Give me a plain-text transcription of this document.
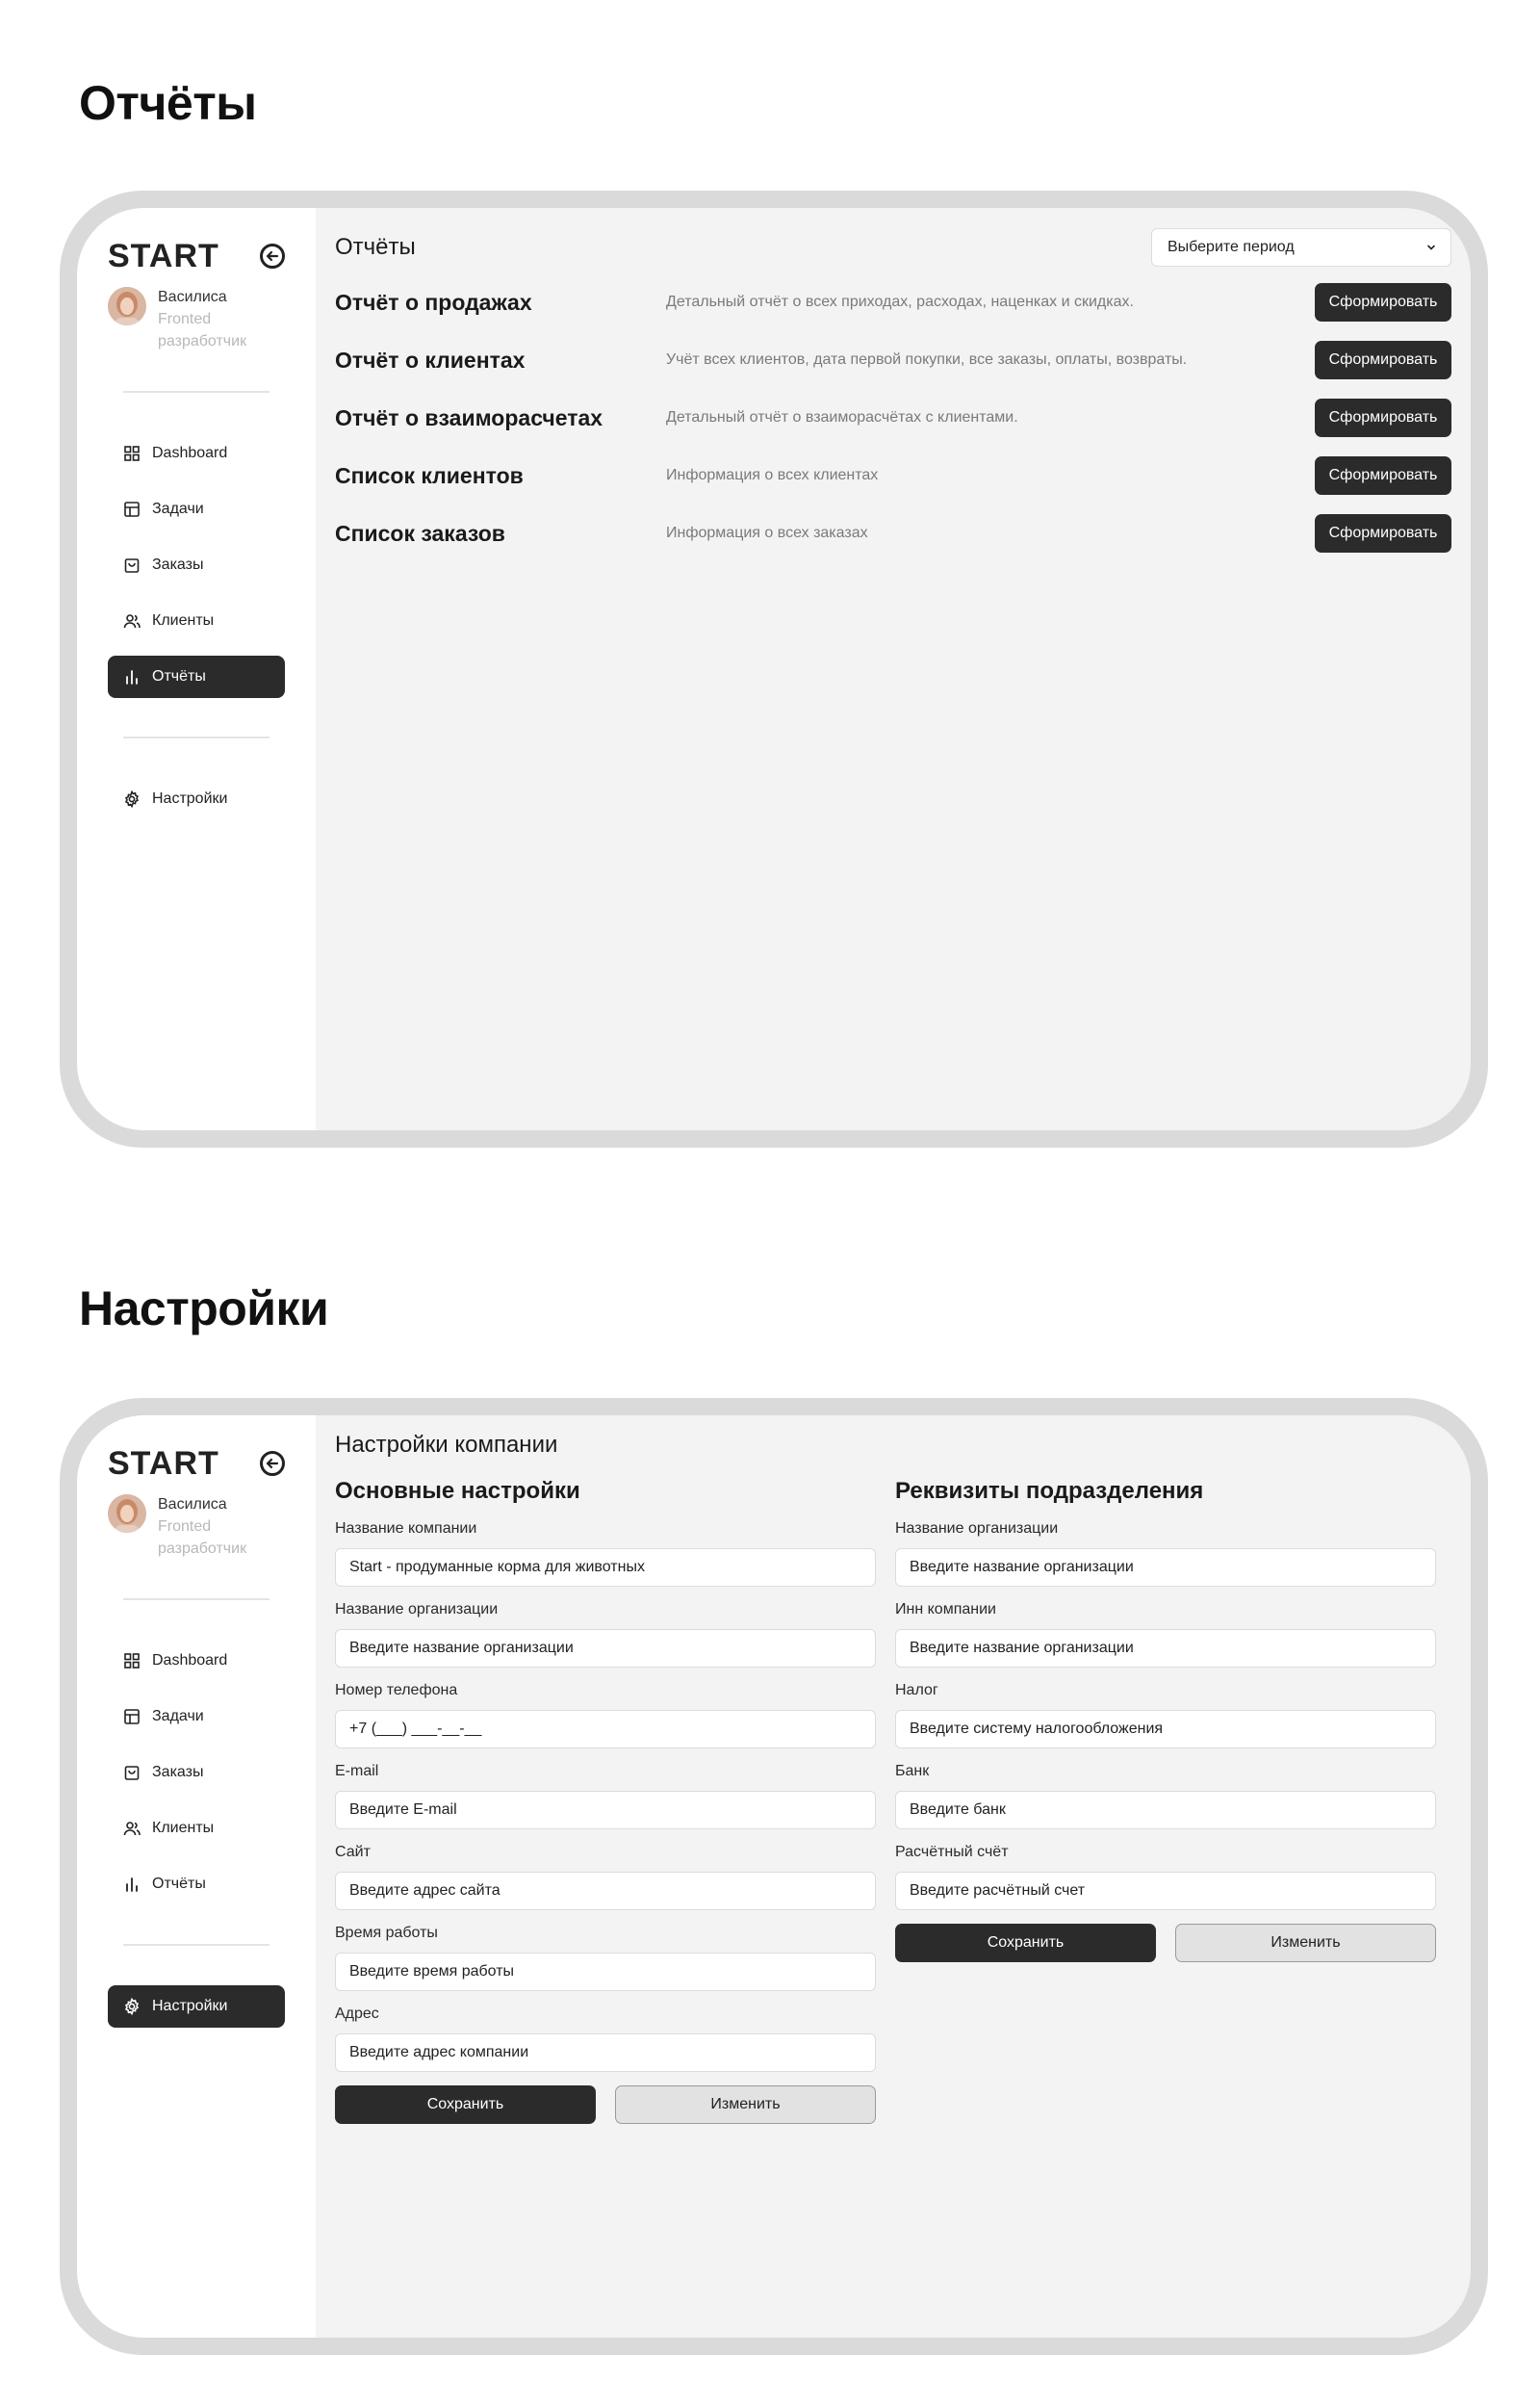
Отчёты
START
Василиса
Fronted разработчик
Dashboard
Задачи
Заказы
Клиенты
Отчёты
Настройки
Отчёты	Выберите период
Отчёт о продажах	Детальный отчёт о всех приходах, расходах, наценках и скидках.	Сформировать
Отчёт о клиентах	Учёт всех клиентов, дата первой покупки, все заказы, оплаты, возвраты.	Сформировать
Отчёт о взаиморасчетах	Детальный отчёт о взаиморасчётах с клиентами.	Сформировать
Список клиентов	Информация о всех клиентах	Сформировать
Список заказов	Информация о всех заказах	Сформировать
Настройки
START
Василиса
Fronted разработчик
Dashboard
Задачи
Заказы
Клиенты
Отчёты
Настройки
Настройки компании
Основные настройки
Название компании
Start - продуманные корма для животных
Название организации
Введите название организации
Номер телефона
+7 (___) ___-__-__
E-mail
Введите E-mail
Сайт
Введите адрес сайта
Время работы
Введите время работы
Адрес
Введите адрес компании
Сохранить	Изменить
Реквизиты подразделения
Название организации
Введите название организации
Инн компании
Введите название организации
Налог
Введите систему налогообложения
Банк
Введите банк
Расчётный счёт
Введите расчётный счет
Сохранить	Изменить
